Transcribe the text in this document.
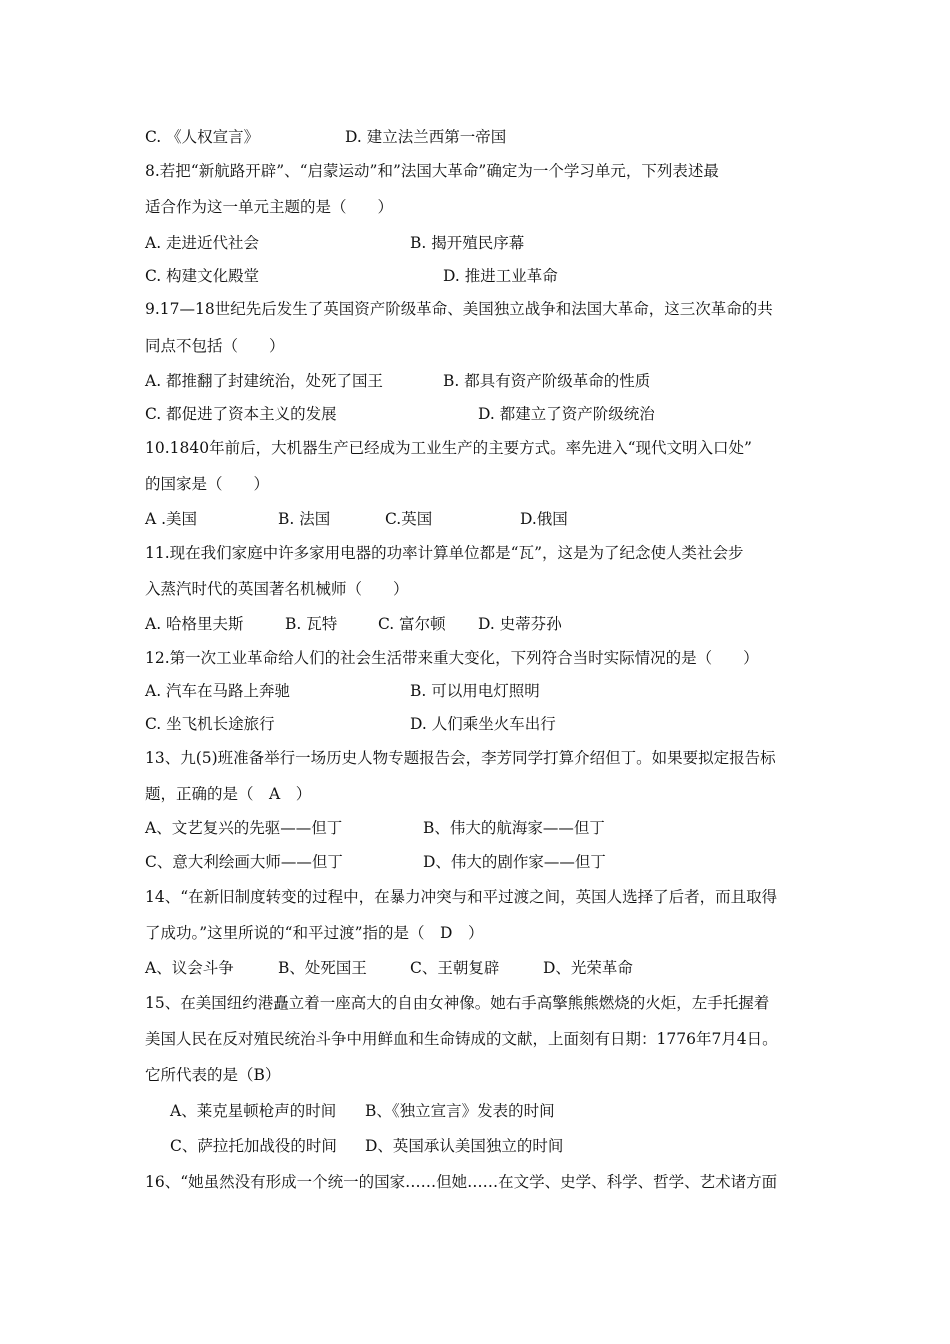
C. 《人权宣言》	D. 建立法兰西第一帝国
8.若把“新航路开辟”、“启蒙运动”和”法国大革命”确定为一个学习单元，下列表述最
适合作为这一单元主题的是（　　）
A. 走进近代社会	B. 揭开殖民序幕
C. 构建文化殿堂	D. 推进工业革命
9.17—18世纪先后发生了英国资产阶级革命、美国独立战争和法国大革命，这三次革命的共
同点不包括（　　）
A. 都推翻了封建统治，处死了国王	B. 都具有资产阶级革命的性质
C. 都促进了资本主义的发展	D. 都建立了资产阶级统治
10.1840年前后，大机器生产已经成为工业生产的主要方式。率先进入“现代文明入口处”
的国家是（　　）
A .美国	B. 法国	C.英国	D.俄国
11.现在我们家庭中许多家用电器的功率计算单位都是“瓦”，这是为了纪念使人类社会步
入蒸汽时代的英国著名机械师（　　）
A. 哈格里夫斯	B. 瓦特	C. 富尔顿 D. 史蒂芬孙
12.第一次工业革命给人们的社会生活带来重大变化，下列符合当时实际情况的是（　　）
A. 汽车在马路上奔驰	B. 可以用电灯照明
C. 坐飞机长途旅行	D. 人们乘坐火车出行
13、九(5)班准备举行一场历史人物专题报告会，李芳同学打算介绍但丁。如果要拟定报告标
题，正确的是（　A　）
A、文艺复兴的先驱——但丁	B、伟大的航海家——但丁
C、意大利绘画大师——但丁	D、伟大的剧作家——但丁
14、“在新旧制度转变的过程中，在暴力冲突与和平过渡之间，英国人选择了后者，而且取得
了成功。”这里所说的“和平过渡”指的是（　D　）
A、议会斗争	B、处死国王	C、王朝复辟	D、光荣革命
15、在美国纽约港矗立着一座高大的自由女神像。她右手高擎熊熊燃烧的火炬，左手托握着
美国人民在反对殖民统治斗争中用鲜血和生命铸成的文献，上面刻有日期：1776年7月4日。
它所代表的是（B）
A、莱克星顿枪声的时间 B、《独立宣言》发表的时间
C、萨拉托加战役的时间 D、英国承认美国独立的时间
16、“她虽然没有形成一个统一的国家……但她……在文学、史学、科学、哲学、艺术诸方面
